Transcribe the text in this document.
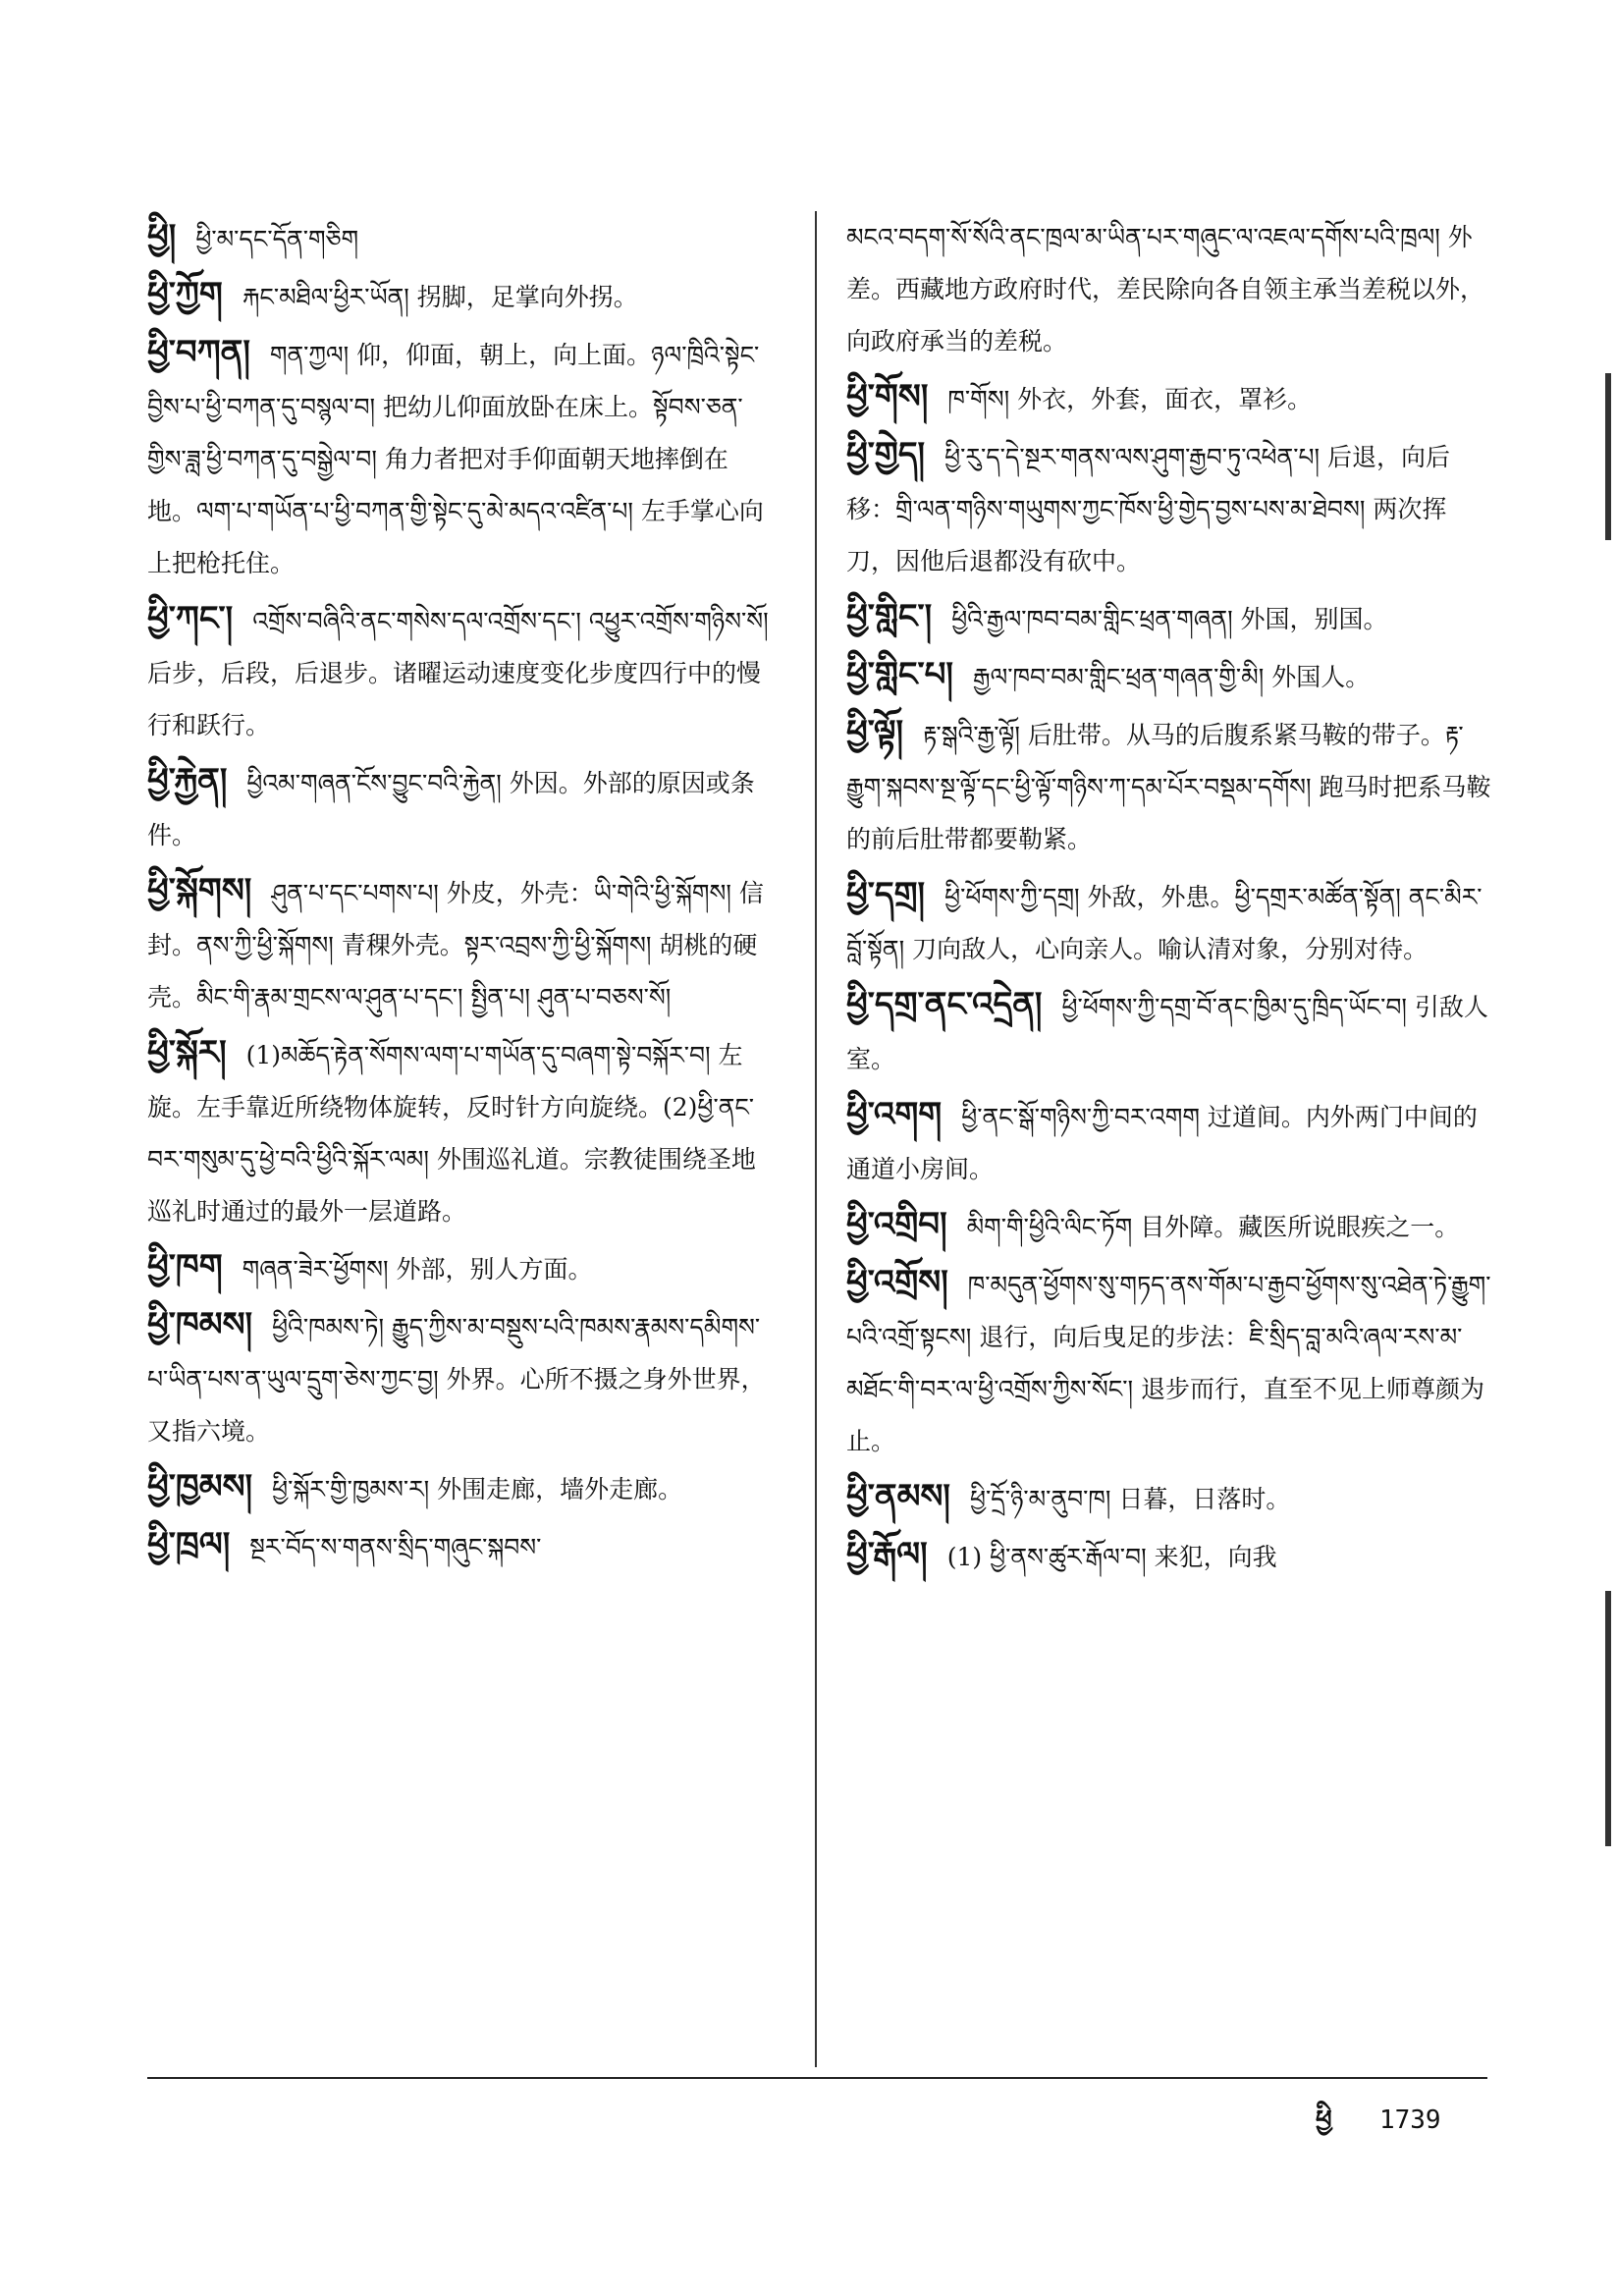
ཕྱི། ཕྱི་མ་དང་དོན་གཅིག
ཕྱི་ཀྱོག རྐང་མཐིལ་ཕྱིར་ཡོན། 拐脚，足掌向外拐。
ཕྱི་བཀན། གན་ཀྱལ། 仰，仰面，朝上，向上面。ཉལ་ཁྲིའི་སྟེང་བྱིས་པ་ཕྱི་བཀན་དུ་བསྙལ་བ། 把幼儿仰面放卧在床上。སྟོབས་ཅན་གྱིས་ཟླ་ཕྱི་བཀན་དུ་བསྒྱེལ་བ། 角力者把对手仰面朝天地摔倒在地。ལག་པ་གཡོན་པ་ཕྱི་བཀན་གྱི་སྟེང་དུ་མེ་མདའ་འཛིན་པ། 左手掌心向上把枪托住。
ཕྱི་ཀང་། འགྲོས་བཞིའི་ནང་གསེས་དལ་འགྲོས་དང་། འཕྱུར་འགྲོས་གཉིས་སོ། 后步，后段，后退步。诸曜运动速度变化步度四行中的慢行和跃行。
ཕྱི་རྐྱེན། ཕྱིའམ་གཞན་ངོས་བྱུང་བའི་རྐྱེན། 外因。外部的原因或条件。
ཕྱི་སྐོགས། ཤུན་པ་དང་པགས་པ། 外皮，外壳：ཡི་གེའི་ཕྱི་སྐོགས། 信封。ནས་ཀྱི་ཕྱི་སྐོགས། 青稞外壳。སྟར་འབྲས་ཀྱི་ཕྱི་སྐོགས། 胡桃的硬壳。མིང་གི་རྣམ་གྲངས་ལ་ཤུན་པ་དང་། སྤྱིན་པ། ཤུན་པ་བཅས་སོ།
ཕྱི་སྐོར། (1)མཆོད་རྟེན་སོགས་ལག་པ་གཡོན་དུ་བཞག་སྟེ་བསྐོར་བ། 左旋。左手靠近所绕物体旋转，反时针方向旋绕。(2)ཕྱི་ནང་བར་གསུམ་དུ་ཕྱེ་བའི་ཕྱིའི་སྐོར་ལམ། 外围巡礼道。宗教徒围绕圣地巡礼时通过的最外一层道路。
ཕྱི་ཁག གཞན་ཟེར་ཕྱོགས། 外部，别人方面。
ཕྱི་ཁམས། ཕྱིའི་ཁམས་ཏེ། རྒྱུད་ཀྱིས་མ་བསྡུས་པའི་ཁམས་རྣམས་དམིགས་པ་ཡིན་པས་ན་ཡུལ་དྲུག་ཅེས་ཀྱང་བྱ། 外界。心所不摄之身外世界，又指六境。
ཕྱི་ཁྱམས། ཕྱི་སྐོར་གྱི་ཁྱམས་ར། 外围走廊，墙外走廊。
ཕྱི་ཁྲལ། སྔར་བོད་ས་གནས་སྲིད་གཞུང་སྐབས་
མངའ་བདག་སོ་སོའི་ནང་ཁྲལ་མ་ཡིན་པར་གཞུང་ལ་འཇལ་དགོས་པའི་ཁྲལ། 外差。西藏地方政府时代，差民除向各自领主承当差税以外，向政府承当的差税。
ཕྱི་གོས། ཁ་གོས། 外衣，外套，面衣，罩衫。
ཕྱི་གྱེད། ཕྱི་རུ་ད་དེ་སྔར་གནས་ལས་ཤུག་རྒྱབ་ཏུ་འཕེན་པ། 后退，向后移：གྲི་ལན་གཉིས་གཡུགས་ཀྱང་ཁོས་ཕྱི་གྱེད་བྱས་པས་མ་ཐེབས། 两次挥刀，因他后退都没有砍中。
ཕྱི་གླིང་། ཕྱིའི་རྒྱལ་ཁབ་བམ་གླིང་ཕྲན་གཞན། 外国，别国。
ཕྱི་གླིང་པ། རྒྱལ་ཁབ་བམ་གླིང་ཕྲན་གཞན་གྱི་མི། 外国人。
ཕྱི་ལྟོ། རྟ་སྒའི་རྒྱ་ལྟོ། 后肚带。从马的后腹系紧马鞍的带子。རྟ་རྒྱུག་སྐབས་སྔ་ལྟོ་དང་ཕྱི་ལྟོ་གཉིས་ཀ་དམ་པོར་བསྡམ་དགོས། 跑马时把系马鞍的前后肚带都要勒紧。
ཕྱི་དགྲ། ཕྱི་ཕོགས་ཀྱི་དགྲ། 外敌，外患。ཕྱི་དགྲར་མཚོན་སྟོན། ནང་མིར་བློ་སྟོན། 刀向敌人，心向亲人。喻认清对象，分别对待。
ཕྱི་དགྲ་ནང་འདྲེན། ཕྱི་ཕོགས་ཀྱི་དགྲ་བོ་ནང་ཁྱིམ་དུ་ཁྲིད་ཡོང་བ། 引敌人室。
ཕྱི་འགག ཕྱི་ནང་སྒོ་གཉིས་ཀྱི་བར་འགག 过道间。内外两门中间的通道小房间。
ཕྱི་འགྲིབ། མིག་གི་ཕྱིའི་ལིང་ཏོག 目外障。藏医所说眼疾之一。
ཕྱི་འགྲོས། ཁ་མདུན་ཕྱོགས་སུ་གཏད་ནས་གོམ་པ་རྒྱབ་ཕྱོགས་སུ་འཐེན་ཏེ་རྒྱུག་པའི་འགྲོ་སྟངས། 退行，向后曳足的步法：ཇི་སྲིད་བླ་མའི་ཞལ་རས་མ་མཐོང་གི་བར་ལ་ཕྱི་འགྲོས་ཀྱིས་སོང་། 退步而行，直至不见上师尊颜为止。
ཕྱི་ནམས། ཕྱི་དྲོ་ཉི་མ་ནུབ་ཁ། 日暮，日落时。
ཕྱི་རྒོལ། (1) ཕྱི་ནས་ཚུར་རྒོལ་བ། 来犯，向我
ཕྱི 1739
